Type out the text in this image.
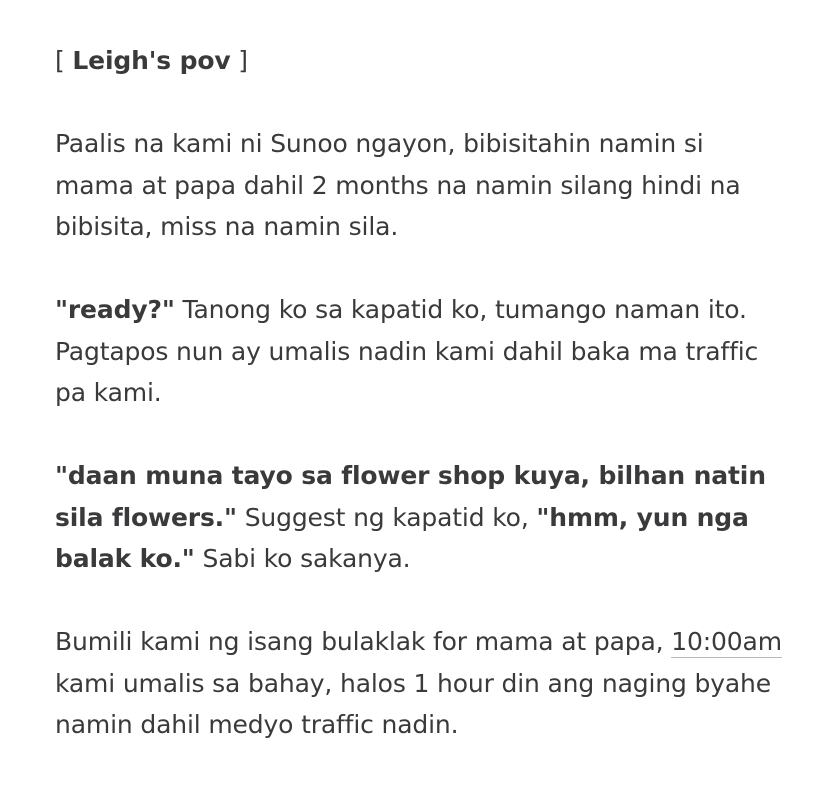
[ Leigh's pov ]

Paalis na kami ni Sunoo ngayon, bibisitahin namin si mama at papa dahil 2 months na namin silang hindi na bibisita, miss na namin sila.

"ready?" Tanong ko sa kapatid ko, tumango naman ito. Pagtapos nun ay umalis nadin kami dahil baka ma traffic pa kami.

"daan muna tayo sa flower shop kuya, bilhan natin sila flowers." Suggest ng kapatid ko, "hmm, yun nga balak ko." Sabi ko sakanya.

Bumili kami ng isang bulaklak for mama at papa, 10:00am kami umalis sa bahay, halos 1 hour din ang naging byahe namin dahil medyo traffic nadin.
